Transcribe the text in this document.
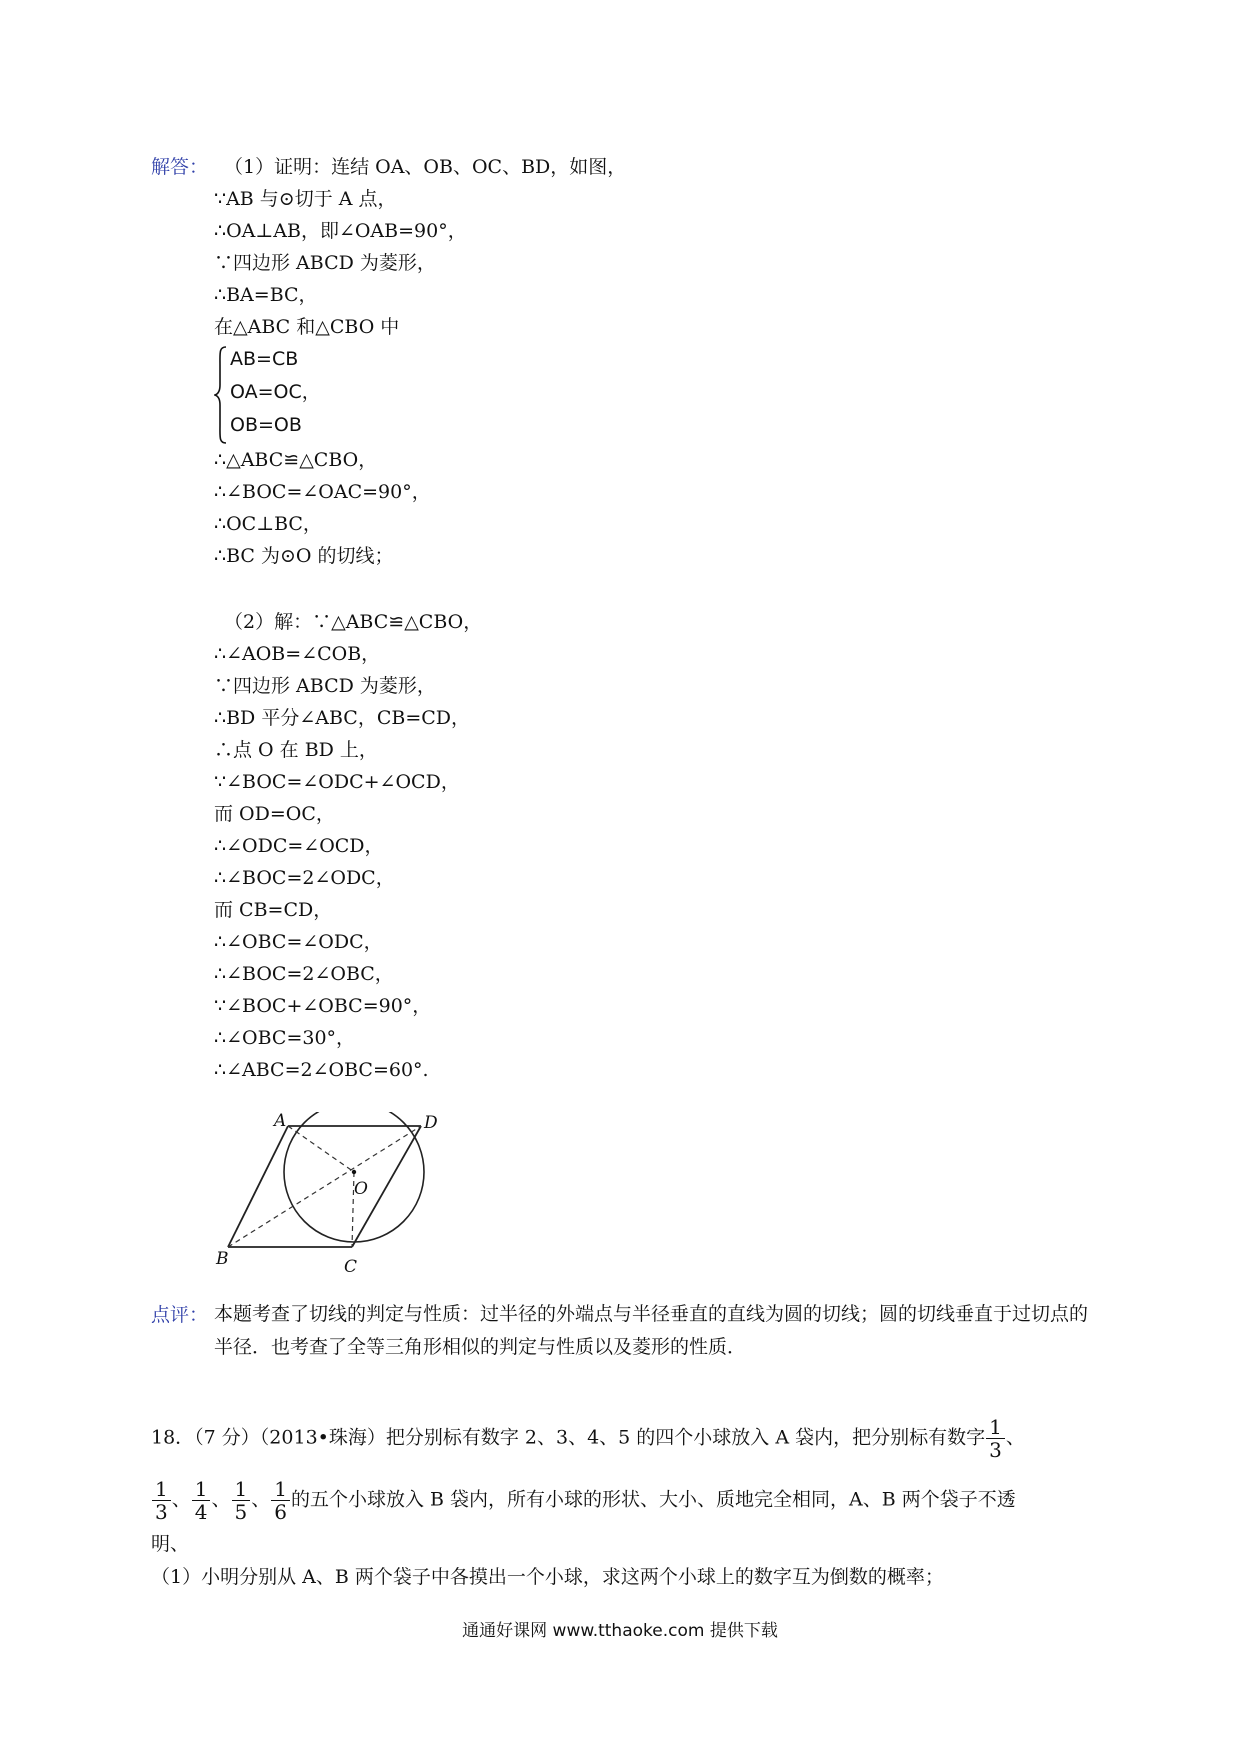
解答： （1）证明：连结 OA、OB、OC、BD，如图，
∵AB 与⊙切于 A 点，
∴OA⊥AB，即∠OAB=90°，
∵四边形 ABCD 为菱形，
∴BA=BC，
在△ABC 和△CBO 中
AB=CB
OA=OC，
OB=OB
∴△ABC≌△CBO，
∴∠BOC=∠OAC=90°，
∴OC⊥BC，
∴BC 为⊙O 的切线；
（2）解：∵△ABC≌△CBO，
∴∠AOB=∠COB，
∵四边形 ABCD 为菱形，
∴BD 平分∠ABC，CB=CD，
∴点 O 在 BD 上，
∵∠BOC=∠ODC+∠OCD，
而 OD=OC，
∴∠ODC=∠OCD，
∴∠BOC=2∠ODC，
而 CB=CD，
∴∠OBC=∠ODC，
∴∠BOC=2∠OBC，
∵∠BOC+∠OBC=90°，
∴∠OBC=30°，
∴∠ABC=2∠OBC=60°.
A	D
O
B	C
点评： 本题考查了切线的判定与性质：过半径的外端点与半径垂直的直线为圆的切线；圆的切线垂直于过切点的半径．也考查了全等三角形相似的判定与性质以及菱形的性质．
18．（7 分）（2013•珠海）把分别标有数字 2、3、4、5 的四个小球放入 A 袋内，把分别标有数字 $\frac{1}{3}$ 、
$\frac{1}{3}$ 、 $\frac{1}{4}$ 、 $\frac{1}{5}$ 、 $\frac{1}{6}$ 的五个小球放入 B 袋内，所有小球的形状、大小、质地完全相同，A、B 两个袋子不透
明、
（1）小明分别从 A、B 两个袋子中各摸出一个小球，求这两个小球上的数字互为倒数的概率；
通通好课网 www.tthaoke.com 提供下载
